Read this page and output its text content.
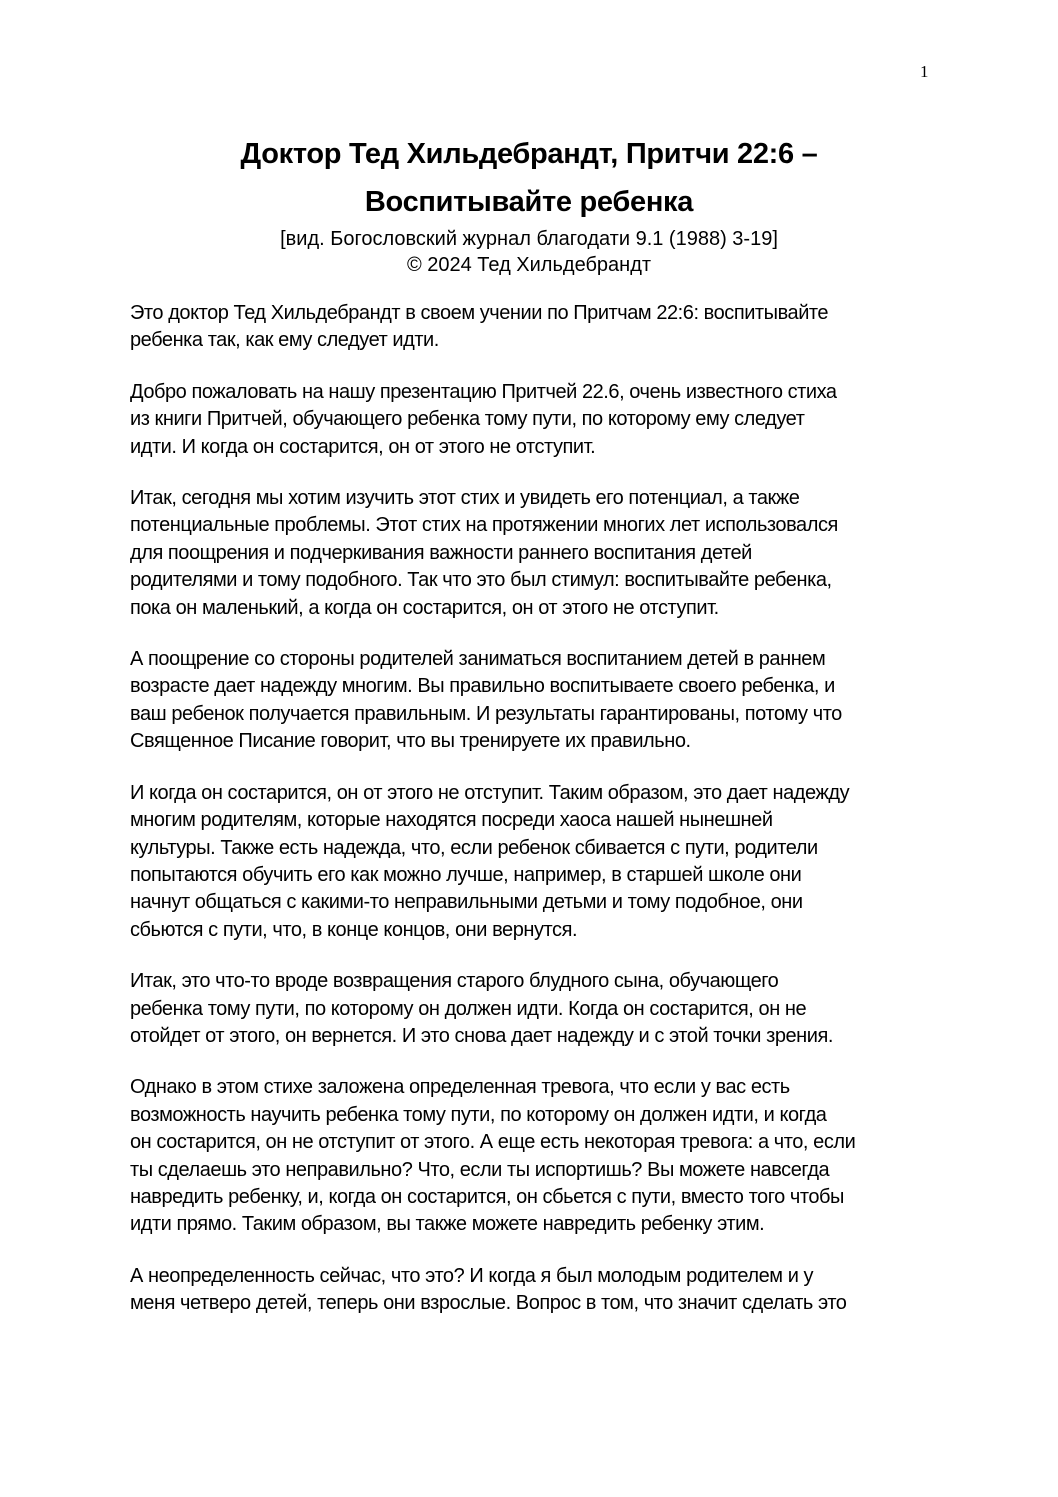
1
Доктор Тед Хильдебрандт, Притчи 22:6 –
Воспитывайте ребенка
[вид. Богословский журнал благодати 9.1 (1988) 3-19]
© 2024 Тед Хильдебрандт

Это доктор Тед Хильдебрандт в своем учении по Притчам 22:6: воспитывайте
ребенка так, как ему следует идти.

Добро пожаловать на нашу презентацию Притчей 22.6, очень известного стиха
из книги Притчей, обучающего ребенка тому пути, по которому ему следует
идти. И когда он состарится, он от этого не отступит.

Итак, сегодня мы хотим изучить этот стих и увидеть его потенциал, а также
потенциальные проблемы. Этот стих на протяжении многих лет использовался
для поощрения и подчеркивания важности раннего воспитания детей
родителями и тому подобного. Так что это был стимул: воспитывайте ребенка,
пока он маленький, а когда он состарится, он от этого не отступит.

А поощрение со стороны родителей заниматься воспитанием детей в раннем
возрасте дает надежду многим. Вы правильно воспитываете своего ребенка, и
ваш ребенок получается правильным. И результаты гарантированы, потому что
Священное Писание говорит, что вы тренируете их правильно.

И когда он состарится, он от этого не отступит. Таким образом, это дает надежду
многим родителям, которые находятся посреди хаоса нашей нынешней
культуры. Также есть надежда, что, если ребенок сбивается с пути, родители
попытаются обучить его как можно лучше, например, в старшей школе они
начнут общаться с какими-то неправильными детьми и тому подобное, они
сбьются с пути, что, в конце концов, они вернутся.

Итак, это что-то вроде возвращения старого блудного сына, обучающего
ребенка тому пути, по которому он должен идти. Когда он состарится, он не
отойдет от этого, он вернется. И это снова дает надежду и с этой точки зрения.

Однако в этом стихе заложена определенная тревога, что если у вас есть
возможность научить ребенка тому пути, по которому он должен идти, и когда
он состарится, он не отступит от этого. А еще есть некоторая тревога: а что, если
ты сделаешь это неправильно? Что, если ты испортишь? Вы можете навсегда
навредить ребенку, и, когда он состарится, он сбьется с пути, вместо того чтобы
идти прямо. Таким образом, вы также можете навредить ребенку этим.

А неопределенность сейчас, что это? И когда я был молодым родителем и у
меня четверо детей, теперь они взрослые. Вопрос в том, что значит сделать это
